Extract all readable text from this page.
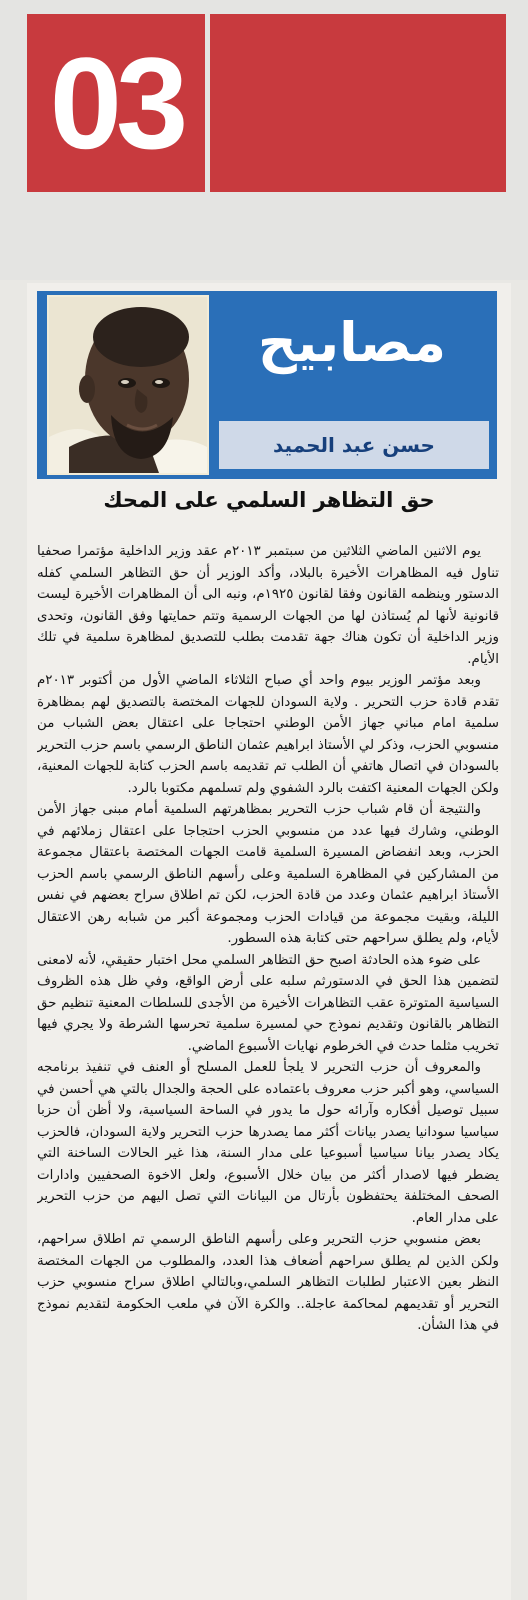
03
مصابيح
حسن عبد الحميد
حق التظاهر السلمي على المحك

يوم الاثنين الماضي الثلاثين من سبتمبر ٢٠١٣م عقد وزير الداخلية مؤتمرا صحفيا تناول فيه المظاهرات الأخيرة بالبلاد، وأكد الوزير أن حق التظاهر السلمي كفله الدستور وينظمه القانون وفقا لقانون ١٩٢٥م، ونبه الى أن المظاهرات الأخيرة ليست قانونية لأنها لم يُستاذن لها من الجهات الرسمية وتتم حمايتها وفق القانون، وتحدى وزير الداخلية أن تكون هناك جهة تقدمت بطلب للتصديق لمظاهرة سلمية في تلك الأيام.

وبعد مؤتمر الوزير بيوم واحد أي صباح الثلاثاء الماضي الأول من أكتوبر ٢٠١٣م تقدم قادة حزب التحرير . ولاية السودان للجهات المختصة بالتصديق لهم بمظاهرة سلمية امام مباني جهاز الأمن الوطني احتجاجا على اعتقال بعض الشباب من منسوبي الحزب، وذكر لي الأستاذ ابراهيم عثمان الناطق الرسمي باسم حزب التحرير بالسودان في اتصال هاتفي أن الطلب تم تقديمه باسم الحزب كتابة للجهات المعنية، ولكن الجهات المعنية اكتفت بالرد الشفوي ولم تسلمهم مكتوبا بالرد.

والنتيجة أن قام شباب حزب التحرير بمظاهرتهم السلمية أمام مبنى جهاز الأمن الوطني، وشارك فيها عدد من منسوبي الحزب احتجاجا على اعتقال زملائهم في الحزب، وبعد انفضاض المسيرة السلمية قامت الجهات المختصة باعتقال مجموعة من المشاركين في المظاهرة السلمية وعلى رأسهم الناطق الرسمي باسم الحزب الأستاذ ابراهيم عثمان وعدد من قادة الحزب، لكن تم اطلاق سراح بعضهم في نفس الليلة، وبقيت مجموعة من قيادات الحزب ومجموعة أكبر من شبابه رهن الاعتقال لأيام، ولم يطلق سراحهم حتى كتابة هذه السطور.

على ضوء هذه الحادثة اصبح حق التظاهر السلمي محل اختبار حقيقي، لأنه لامعنى لتضمين هذا الحق في الدستورثم سلبه على أرض الواقع، وفي ظل هذه الظروف السياسية المتوترة عقب التظاهرات الأخيرة من الأجدى للسلطات المعنية تنظيم حق التظاهر بالقانون وتقديم نموذج حي لمسيرة سلمية تحرسها الشرطة ولا يجري فيها تخريب مثلما حدث في الخرطوم نهايات الأسبوع الماضي.

والمعروف أن حزب التحرير لا يلجأ للعمل المسلح أو العنف في تنفيذ برنامجه السياسي، وهو أكبر حزب معروف باعتماده على الحجة والجدال بالتي هي أحسن في سبيل توصيل أفكاره وآرائه حول ما يدور في الساحة السياسية، ولا أظن أن حزبا سياسيا سودانيا يصدر بيانات أكثر مما يصدرها حزب التحرير ولاية السودان، فالحزب يكاد يصدر بيانا سياسيا أسبوعيا على مدار السنة، هذا غير الحالات الساخنة التي يضطر فيها لاصدار أكثر من بيان خلال الأسبوع، ولعل الاخوة الصحفيين وادارات الصحف المختلفة يحتفظون بأرتال من البيانات التي تصل اليهم من حزب التحرير على مدار العام.

بعض منسوبي حزب التحرير وعلى رأسهم الناطق الرسمي تم اطلاق سراحهم، ولكن الذين لم يطلق سراحهم أضعاف هذا العدد، والمطلوب من الجهات المختصة النظر بعين الاعتبار لطلبات التظاهر السلمي،وبالتالي اطلاق سراح منسوبي حزب التحرير أو تقديمهم لمحاكمة عاجلة.. والكرة الآن في ملعب الحكومة لتقديم نموذج في هذا الشأن.
